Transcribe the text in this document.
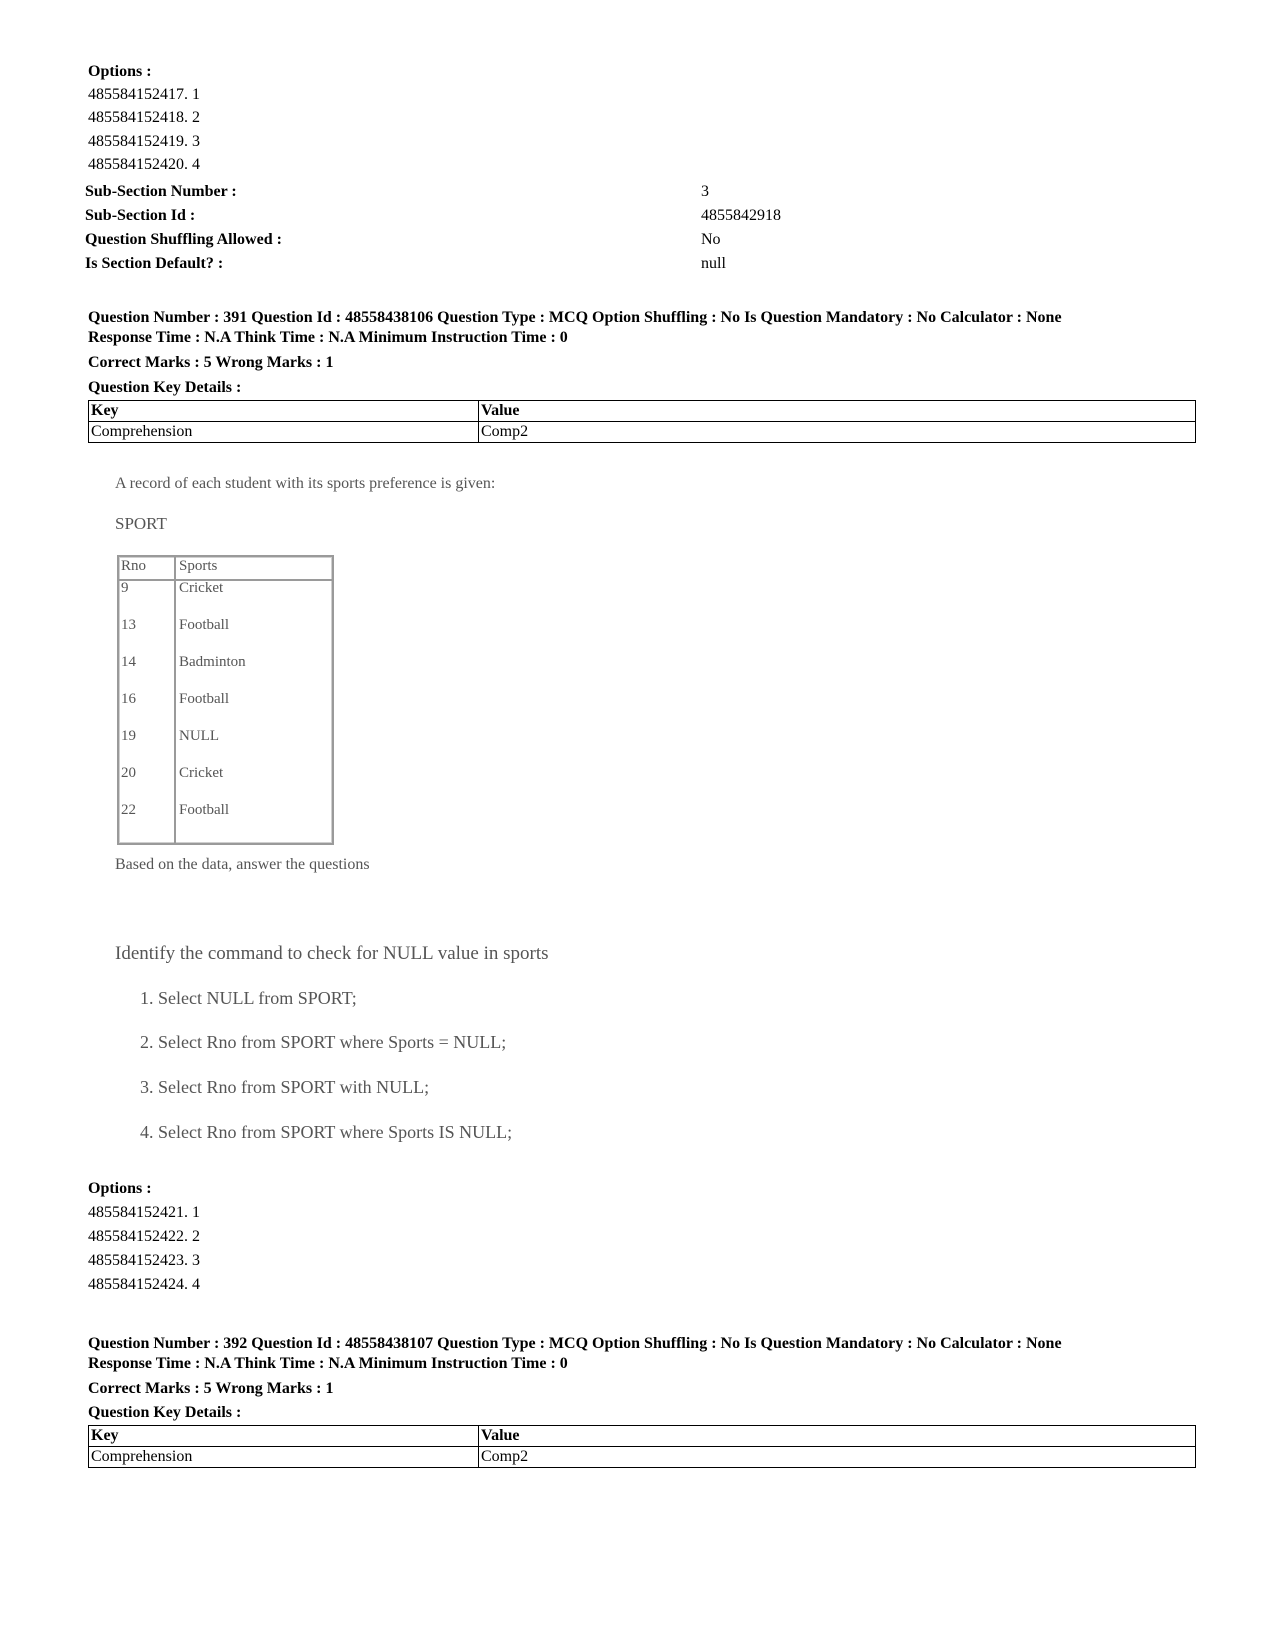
Options :
485584152417. 1
485584152418. 2
485584152419. 3
485584152420. 4
Sub-Section Number :	3
Sub-Section Id :	4855842918
Question Shuffling Allowed :	No
Is Section Default? :	null
Question Number : 391 Question Id : 48558438106 Question Type : MCQ Option Shuffling : No Is Question Mandatory : No Calculator : None
Response Time : N.A Think Time : N.A Minimum Instruction Time : 0
Correct Marks : 5 Wrong Marks : 1
Question Key Details :
Key	Value
Comprehension	Comp2
A record of each student with its sports preference is given:
SPORT
Rno Sports
9	Cricket
13	Football
14	Badminton
16	Football
19	NULL
20	Cricket
22	Football
Based on the data, answer the questions
Identify the command to check for NULL value in sports
1. Select NULL from SPORT;
2. Select Rno from SPORT where Sports = NULL;
3. Select Rno from SPORT with NULL;
4. Select Rno from SPORT where Sports IS NULL;
Options :
485584152421. 1
485584152422. 2
485584152423. 3
485584152424. 4
Question Number : 392 Question Id : 48558438107 Question Type : MCQ Option Shuffling : No Is Question Mandatory : No Calculator : None
Response Time : N.A Think Time : N.A Minimum Instruction Time : 0
Correct Marks : 5 Wrong Marks : 1
Question Key Details :
Key	Value
Comprehension	Comp2
